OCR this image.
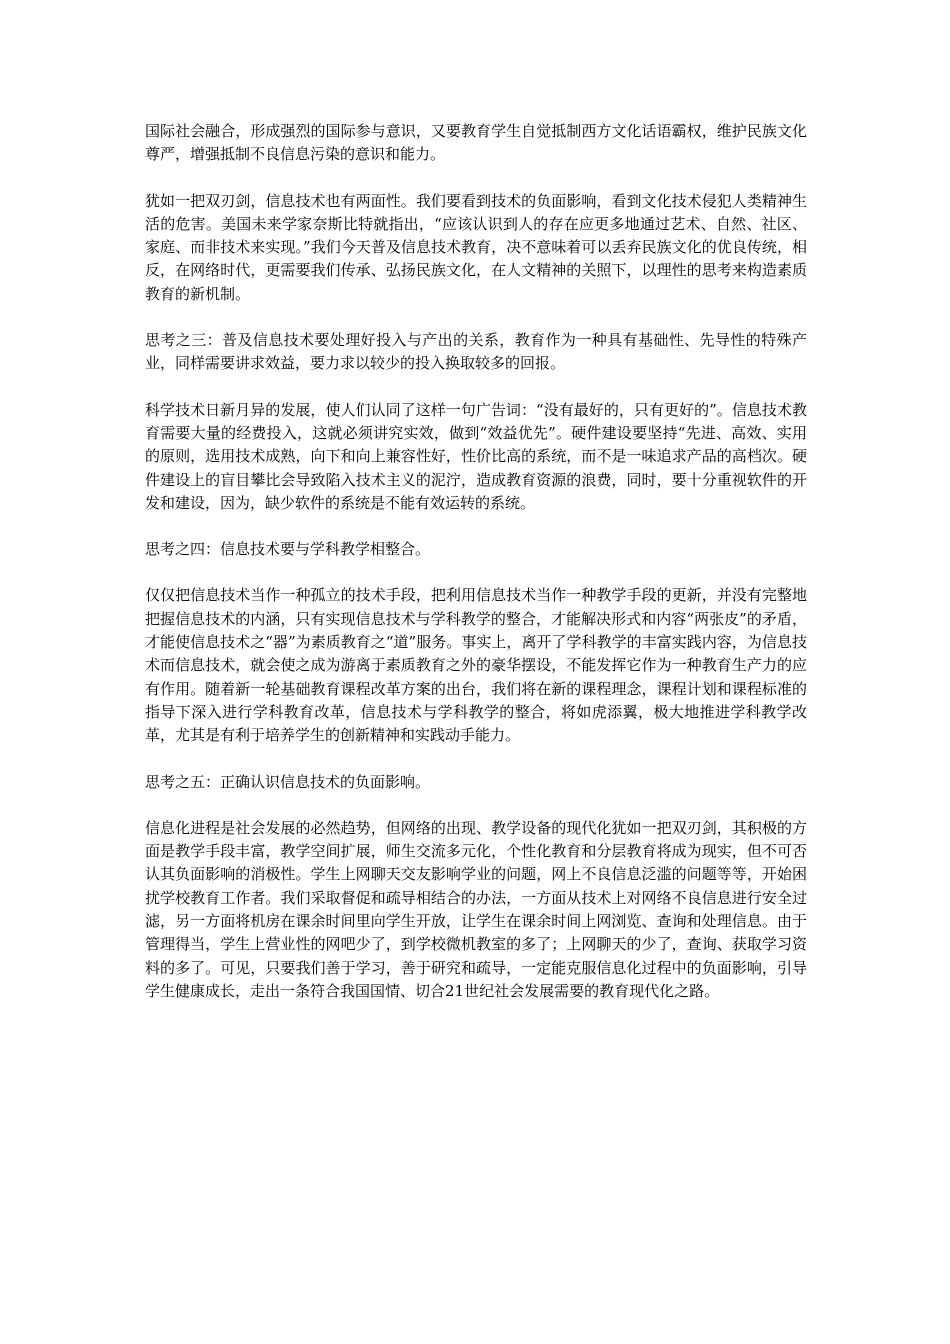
国际社会融合，形成强烈的国际参与意识，又要教育学生自觉抵制西方文化话语霸权，维护民族文化尊严，增强抵制不良信息污染的意识和能力。

犹如一把双刃剑，信息技术也有两面性。我们要看到技术的负面影响，看到文化技术侵犯人类精神生活的危害。美国未来学家奈斯比特就指出，“应该认识到人的存在应更多地通过艺术、自然、社区、家庭、而非技术来实现。”我们今天普及信息技术教育，决不意味着可以丢弃民族文化的优良传统，相反，在网络时代，更需要我们传承、弘扬民族文化，在人文精神的关照下，以理性的思考来构造素质教育的新机制。

思考之三：普及信息技术要处理好投入与产出的关系，教育作为一种具有基础性、先导性的特殊产业，同样需要讲求效益，要力求以较少的投入换取较多的回报。

科学技术日新月异的发展，使人们认同了这样一句广告词：“没有最好的，只有更好的”。信息技术教育需要大量的经费投入，这就必须讲究实效，做到“效益优先”。硬件建设要坚持“先进、高效、实用的原则，选用技术成熟，向下和向上兼容性好，性价比高的系统，而不是一味追求产品的高档次。硬件建设上的盲目攀比会导致陷入技术主义的泥泞，造成教育资源的浪费，同时，要十分重视软件的开发和建设，因为，缺少软件的系统是不能有效运转的系统。

思考之四：信息技术要与学科教学相整合。

仅仅把信息技术当作一种孤立的技术手段，把利用信息技术当作一种教学手段的更新，并没有完整地把握信息技术的内涵，只有实现信息技术与学科教学的整合，才能解决形式和内容“两张皮”的矛盾，才能使信息技术之“器”为素质教育之“道”服务。事实上，离开了学科教学的丰富实践内容，为信息技术而信息技术，就会使之成为游离于素质教育之外的豪华摆设，不能发挥它作为一种教育生产力的应有作用。随着新一轮基础教育课程改革方案的出台，我们将在新的课程理念，课程计划和课程标准的指导下深入进行学科教育改革，信息技术与学科教学的整合，将如虎添翼，极大地推进学科教学改革，尤其是有利于培养学生的创新精神和实践动手能力。

思考之五：正确认识信息技术的负面影响。

信息化进程是社会发展的必然趋势，但网络的出现、教学设备的现代化犹如一把双刃剑，其积极的方面是教学手段丰富，教学空间扩展，师生交流多元化，个性化教育和分层教育将成为现实，但不可否认其负面影响的消极性。学生上网聊天交友影响学业的问题，网上不良信息泛滥的问题等等，开始困扰学校教育工作者。我们采取督促和疏导相结合的办法，一方面从技术上对网络不良信息进行安全过滤，另一方面将机房在课余时间里向学生开放，让学生在课余时间上网浏览、查询和处理信息。由于管理得当，学生上营业性的网吧少了，到学校微机教室的多了；上网聊天的少了，查询、获取学习资料的多了。可见，只要我们善于学习，善于研究和疏导，一定能克服信息化过程中的负面影响，引导学生健康成长，走出一条符合我国国情、切合21世纪社会发展需要的教育现代化之路。
